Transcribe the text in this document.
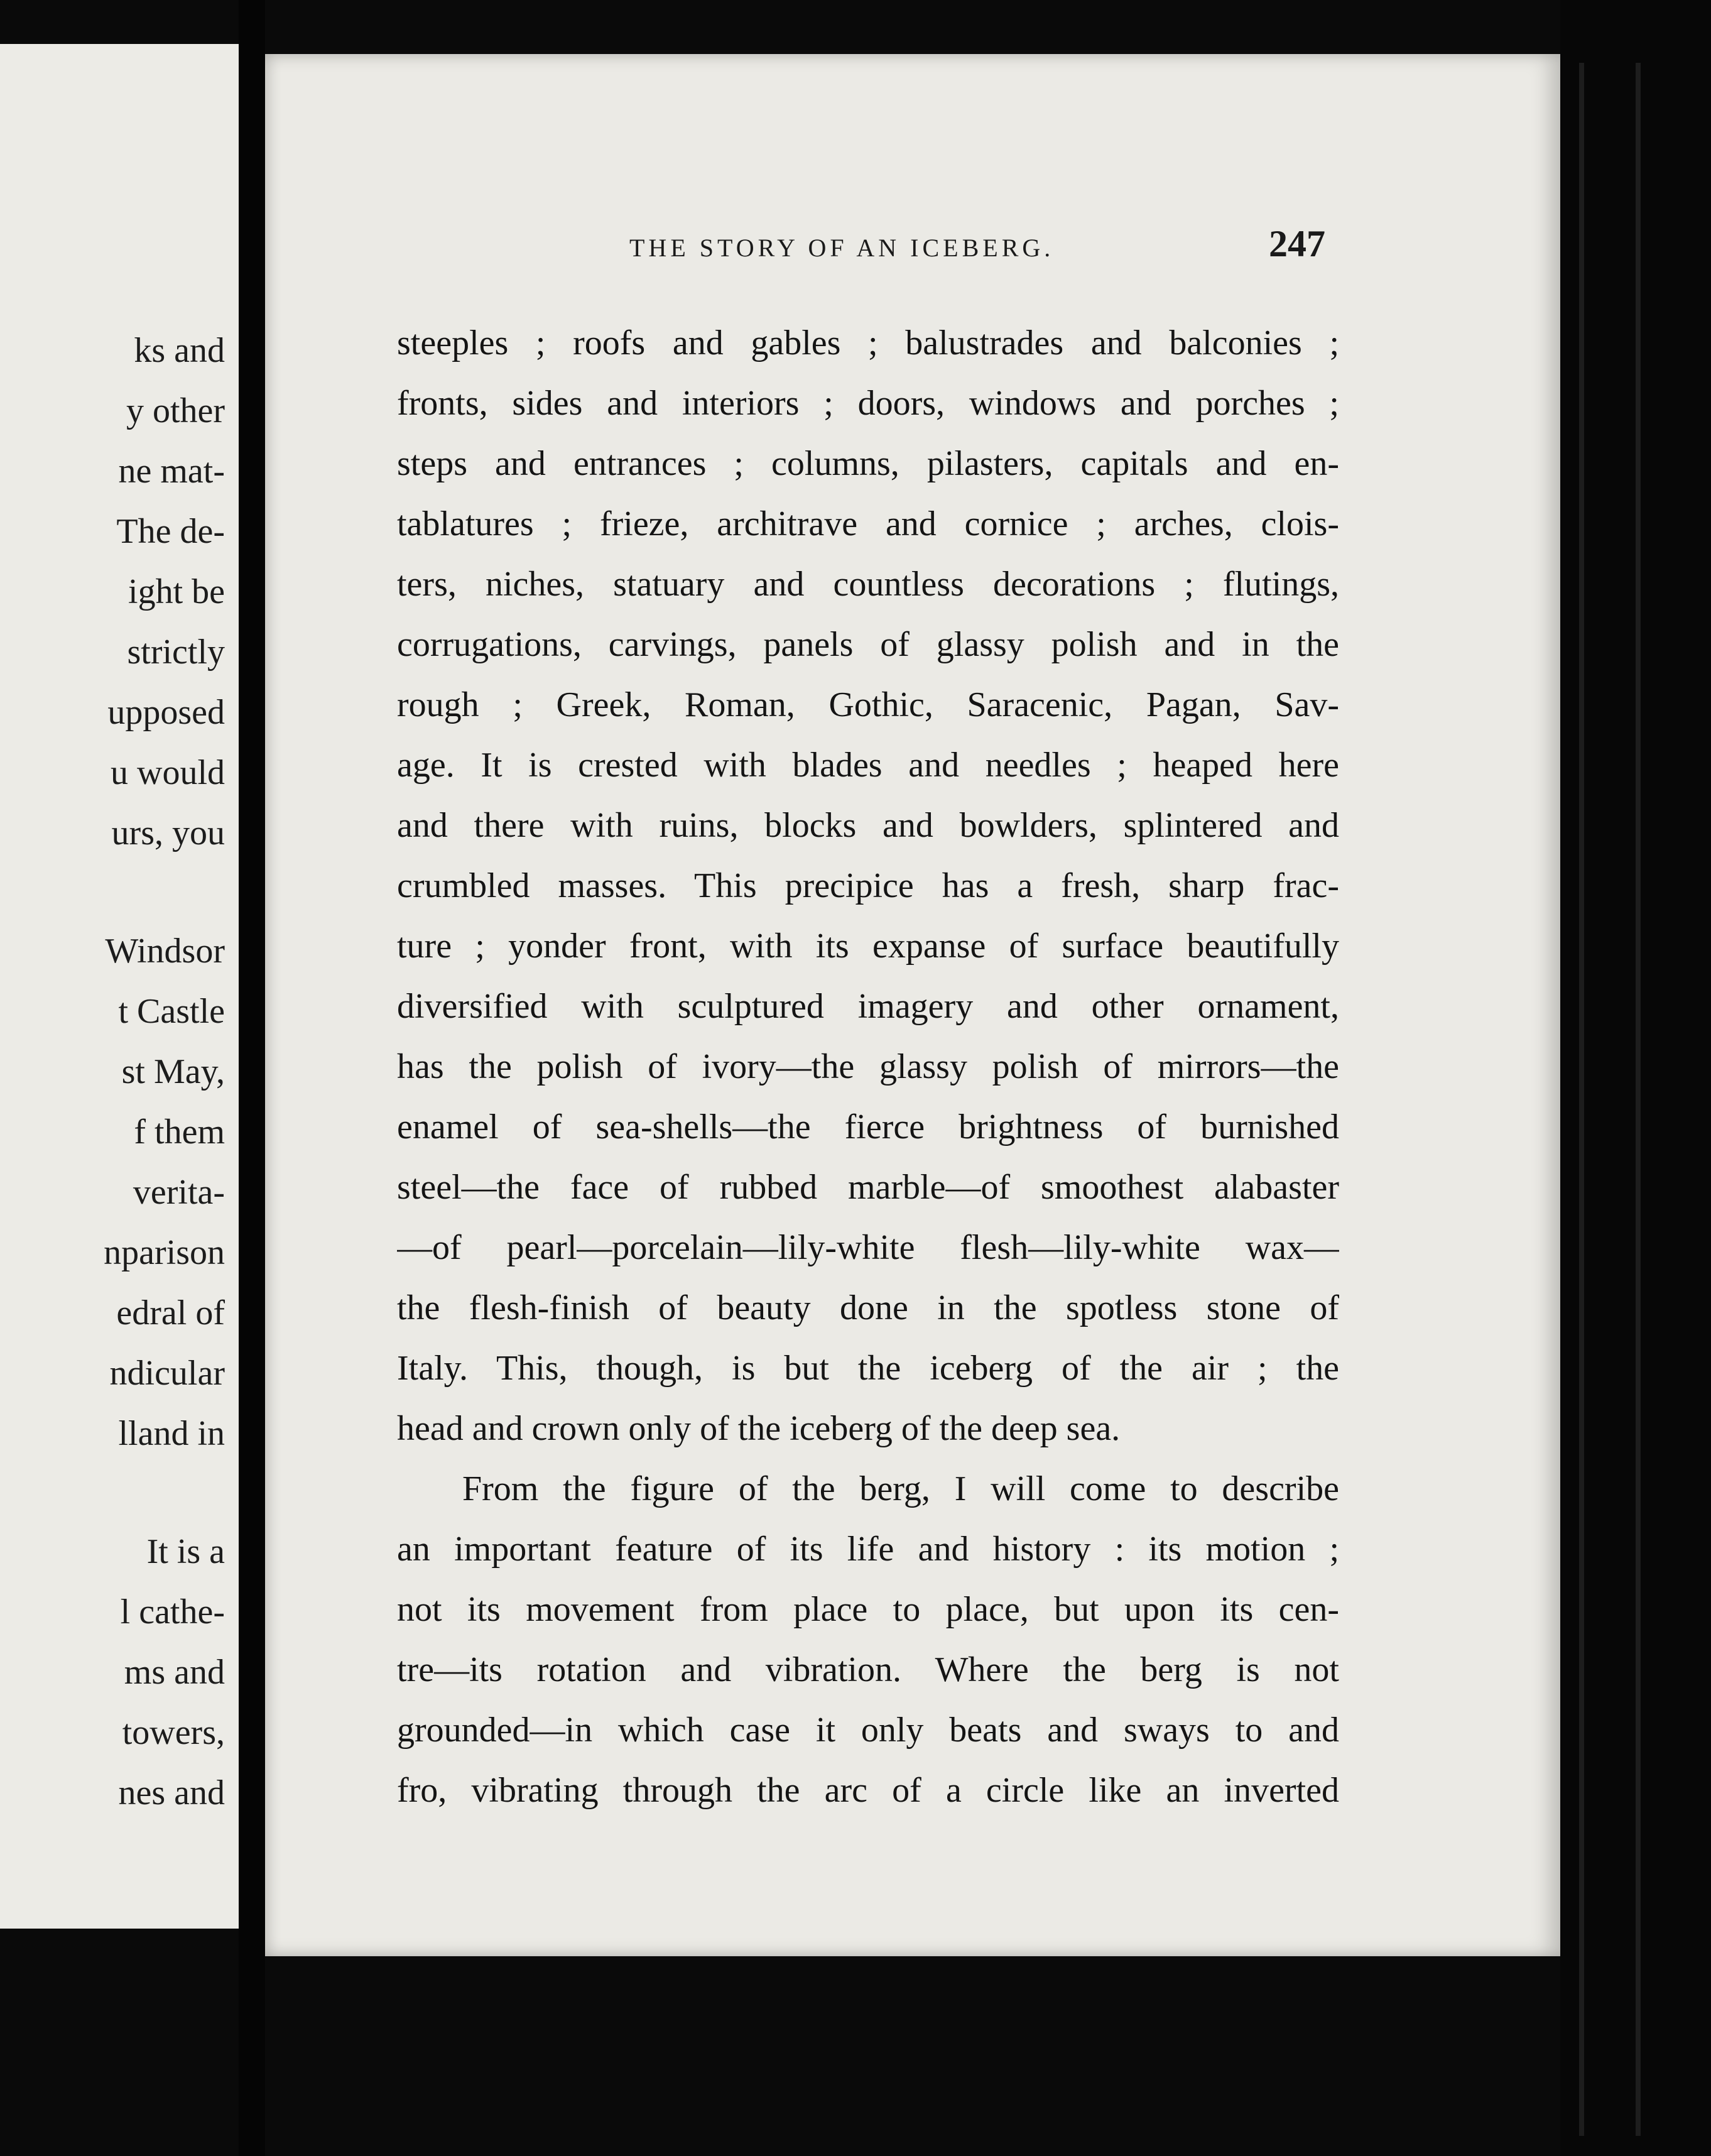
ks and
y other
ne mat-
The de-
ight be
strictly
upposed
u would
urs, you
Windsor
t Castle
st May,
f them
verita-
nparison
edral of
ndicular
lland in
It is a
l cathe-
ms and
towers,
nes and
THE STORY OF AN ICEBERG.	247
steeples ; roofs and gables ; balustrades and balconies ;
fronts, sides and interiors ; doors, windows and porches ;
steps and entrances ; columns, pilasters, capitals and en-
tablatures ; frieze, architrave and cornice ; arches, clois-
ters, niches, statuary and countless decorations ; flutings,
corrugations, carvings, panels of glassy polish and in the
rough ; Greek, Roman, Gothic, Saracenic, Pagan, Sav-
age. It is crested with blades and needles ; heaped here
and there with ruins, blocks and bowlders, splintered and
crumbled masses. This precipice has a fresh, sharp frac-
ture ; yonder front, with its expanse of surface beautifully
diversified with sculptured imagery and other ornament,
has the polish of ivory—the glassy polish of mirrors—the
enamel of sea-shells—the fierce brightness of burnished
steel—the face of rubbed marble—of smoothest alabaster
—of pearl—porcelain—lily-white flesh—lily-white wax—
the flesh-finish of beauty done in the spotless stone of
Italy. This, though, is but the iceberg of the air ; the
head and crown only of the iceberg of the deep sea.
From the figure of the berg, I will come to describe
an important feature of its life and history : its motion ;
not its movement from place to place, but upon its cen-
tre—its rotation and vibration. Where the berg is not
grounded—in which case it only beats and sways to and
fro, vibrating through the arc of a circle like an inverted
